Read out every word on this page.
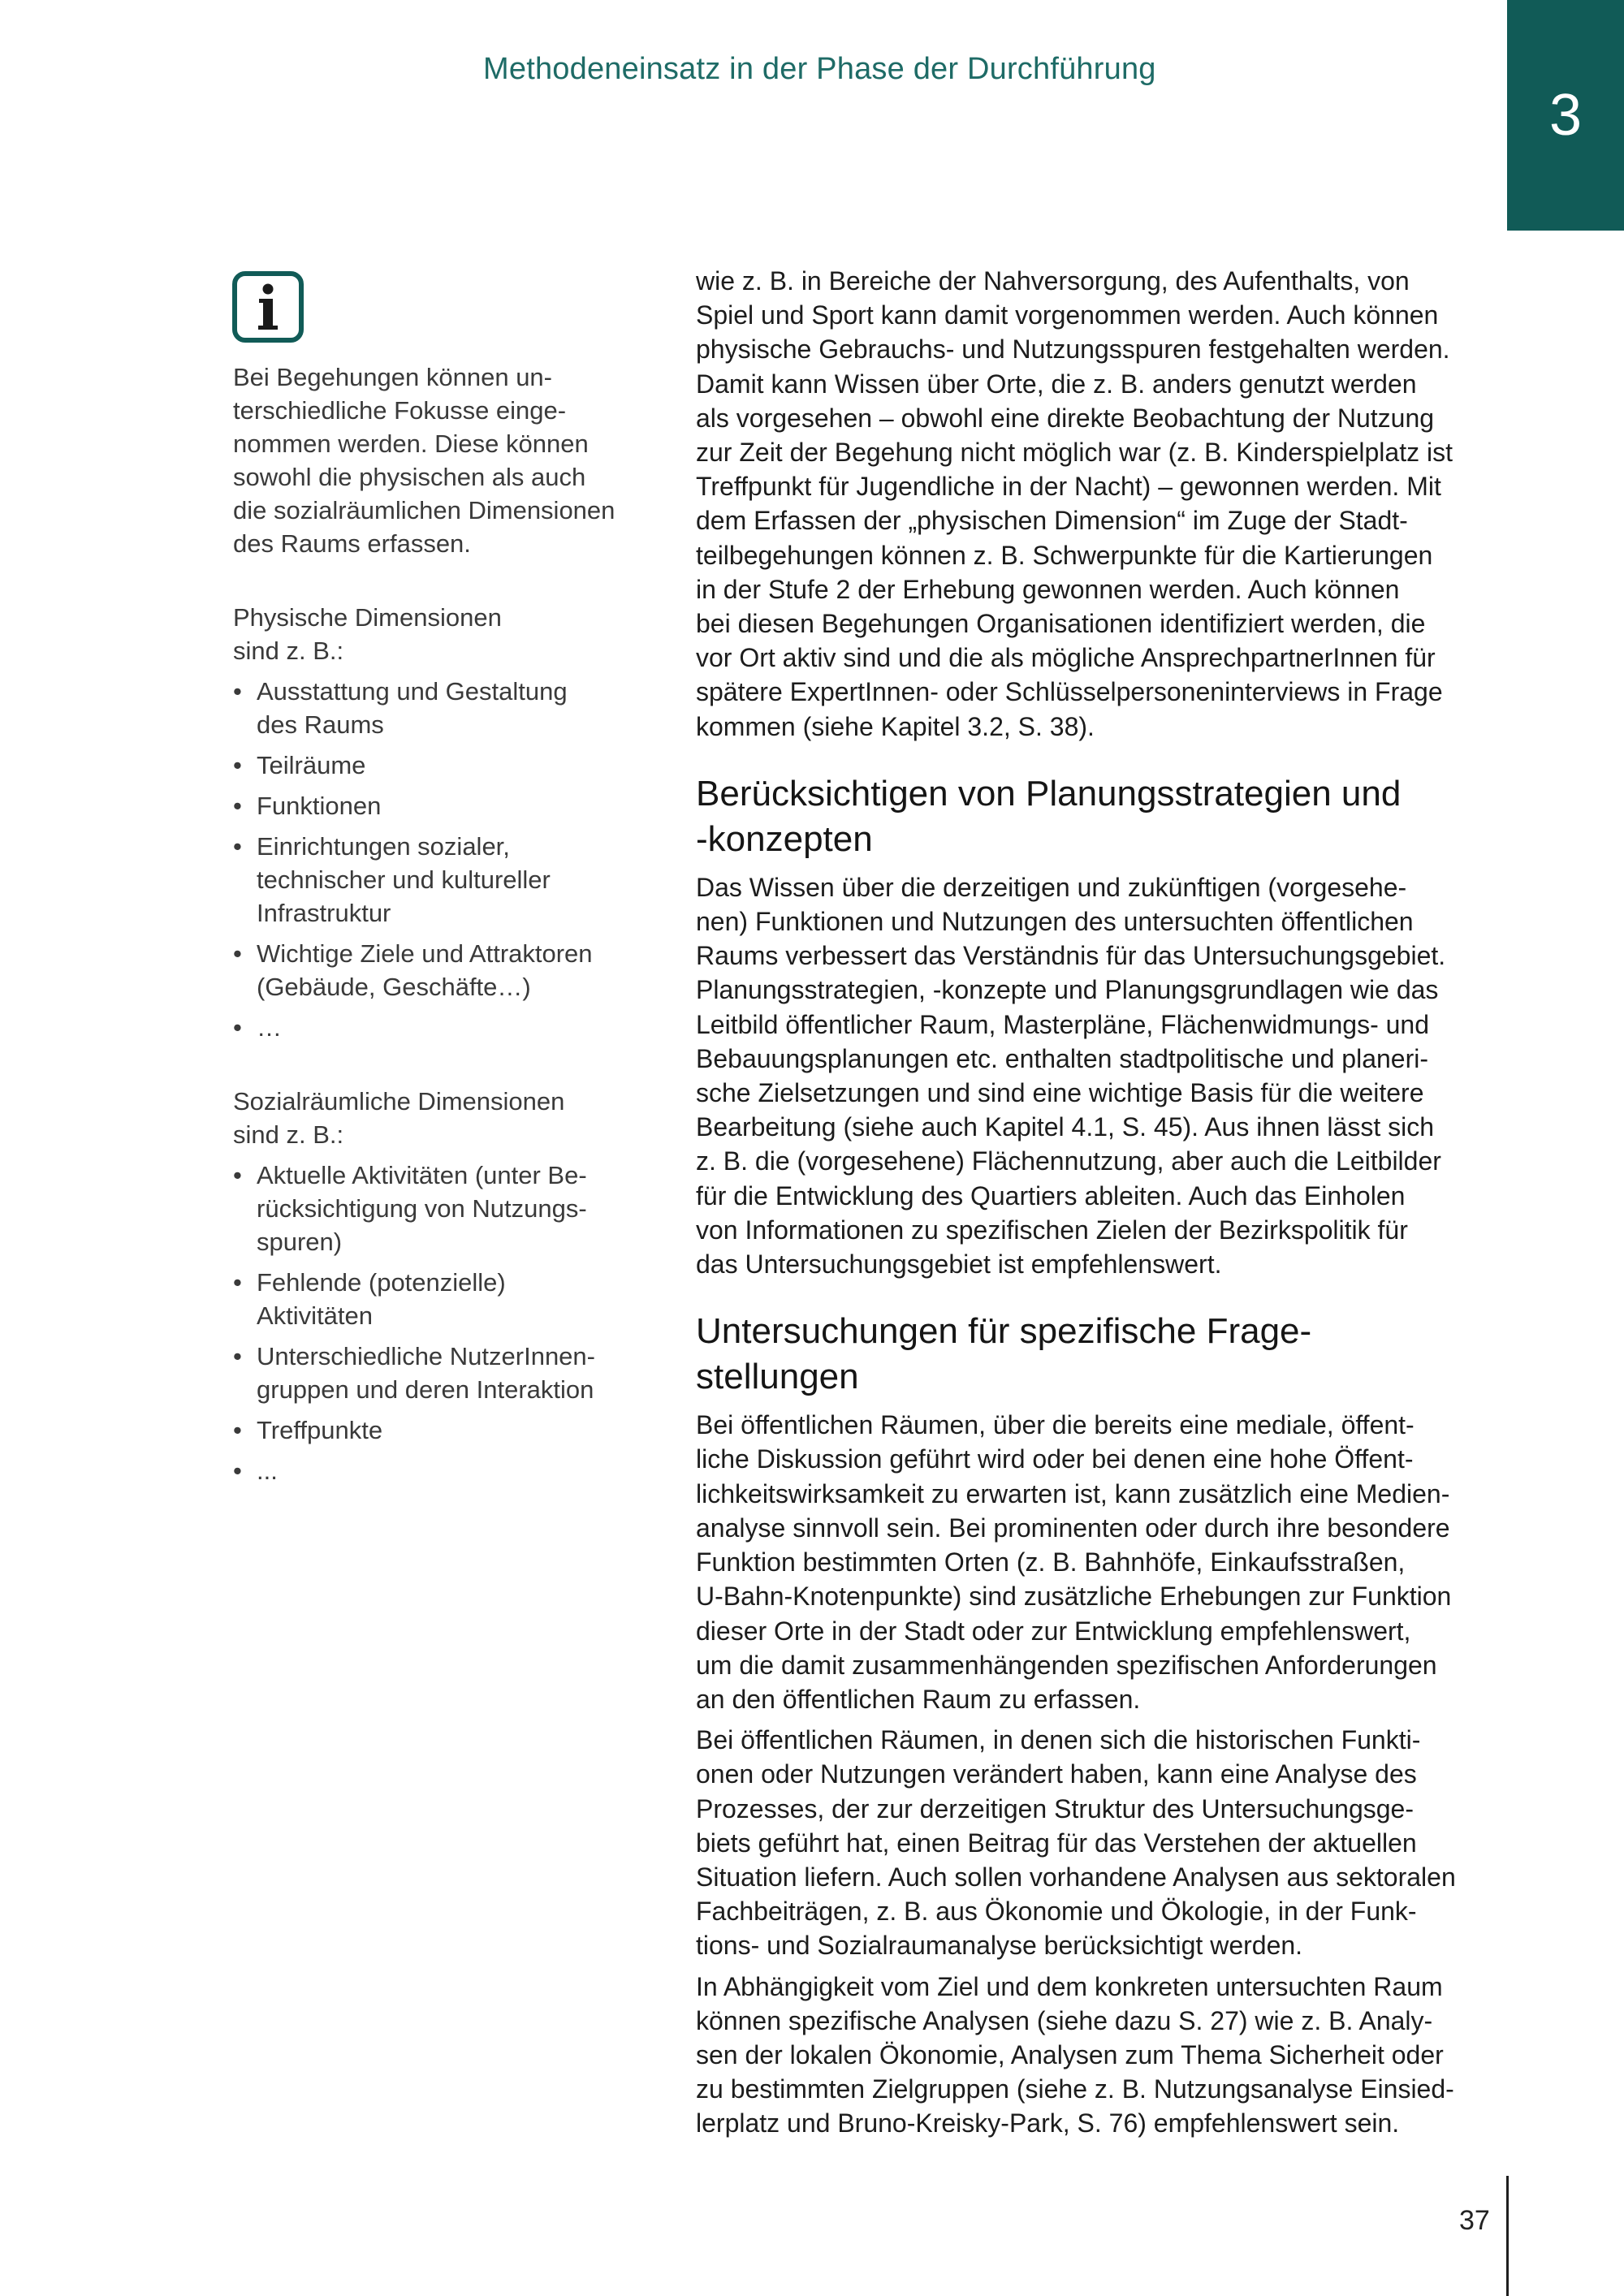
Methodeneinsatz in der Phase der Durchführung
3

Bei Begehungen können un-
terschiedliche Fokusse einge-
nommen werden. Diese können
sowohl die physischen als auch
die sozialräumlichen Dimensionen
des Raums erfassen.

Physische Dimensionen
sind z. B.:

• Ausstattung und Gestaltung
des Raums
• Teilräume
• Funktionen
• Einrichtungen sozialer,
technischer und kultureller
Infrastruktur
• Wichtige Ziele und Attraktoren
(Gebäude, Geschäfte…)
• …

Sozialräumliche Dimensionen
sind z. B.:

• Aktuelle Aktivitäten (unter Be-
rücksichtigung von Nutzungs-
spuren)
• Fehlende (potenzielle)
Aktivitäten
• Unterschiedliche NutzerInnen-
gruppen und deren Interaktion
• Treffpunkte
• ...

wie z. B. in Bereiche der Nahversorgung, des Aufenthalts, von
Spiel und Sport kann damit vorgenommen werden. Auch können
physische Gebrauchs- und Nutzungsspuren festgehalten werden.
Damit kann Wissen über Orte, die z. B. anders genutzt werden
als vorgesehen – obwohl eine direkte Beobachtung der Nutzung
zur Zeit der Begehung nicht möglich war (z. B. Kinderspielplatz ist
Treffpunkt für Jugendliche in der Nacht) – gewonnen werden. Mit
dem Erfassen der „physischen Dimension“ im Zuge der Stadt-
teilbegehungen können z. B. Schwerpunkte für die Kartierungen
in der Stufe 2 der Erhebung gewonnen werden. Auch können
bei diesen Begehungen Organisationen identifiziert werden, die
vor Ort aktiv sind und die als mögliche AnsprechpartnerInnen für
spätere ExpertInnen- oder Schlüsselpersoneninterviews in Frage
kommen (siehe Kapitel 3.2, S. 38).

Berücksichtigen von Planungsstrategien und
-konzepten

Das Wissen über die derzeitigen und zukünftigen (vorgesehe-
nen) Funktionen und Nutzungen des untersuchten öffentlichen
Raums verbessert das Verständnis für das Untersuchungsgebiet.
Planungsstrategien, -konzepte und Planungsgrundlagen wie das
Leitbild öffentlicher Raum, Masterpläne, Flächenwidmungs- und
Bebauungsplanungen etc. enthalten stadtpolitische und planeri-
sche Zielsetzungen und sind eine wichtige Basis für die weitere
Bearbeitung (siehe auch Kapitel 4.1, S. 45). Aus ihnen lässt sich
z. B. die (vorgesehene) Flächennutzung, aber auch die Leitbilder
für die Entwicklung des Quartiers ableiten. Auch das Einholen
von Informationen zu spezifischen Zielen der Bezirkspolitik für
das Untersuchungsgebiet ist empfehlenswert.

Untersuchungen für spezifische Frage-
stellungen

Bei öffentlichen Räumen, über die bereits eine mediale, öffent-
liche Diskussion geführt wird oder bei denen eine hohe Öffent-
lichkeitswirksamkeit zu erwarten ist, kann zusätzlich eine Medien-
analyse sinnvoll sein. Bei prominenten oder durch ihre besondere
Funktion bestimmten Orten (z. B. Bahnhöfe, Einkaufsstraßen,
U-Bahn-Knotenpunkte) sind zusätzliche Erhebungen zur Funktion
dieser Orte in der Stadt oder zur Entwicklung empfehlenswert,
um die damit zusammenhängenden spezifischen Anforderungen
an den öffentlichen Raum zu erfassen.

Bei öffentlichen Räumen, in denen sich die historischen Funkti-
onen oder Nutzungen verändert haben, kann eine Analyse des
Prozesses, der zur derzeitigen Struktur des Untersuchungsge-
biets geführt hat, einen Beitrag für das Verstehen der aktuellen
Situation liefern. Auch sollen vorhandene Analysen aus sektoralen
Fachbeiträgen, z. B. aus Ökonomie und Ökologie, in der Funk-
tions- und Sozialraumanalyse berücksichtigt werden.

In Abhängigkeit vom Ziel und dem konkreten untersuchten Raum
können spezifische Analysen (siehe dazu S. 27) wie z. B. Analy-
sen der lokalen Ökonomie, Analysen zum Thema Sicherheit oder
zu bestimmten Zielgruppen (siehe z. B. Nutzungsanalyse Einsied-
lerplatz und Bruno-Kreisky-Park, S. 76) empfehlenswert sein.

37
